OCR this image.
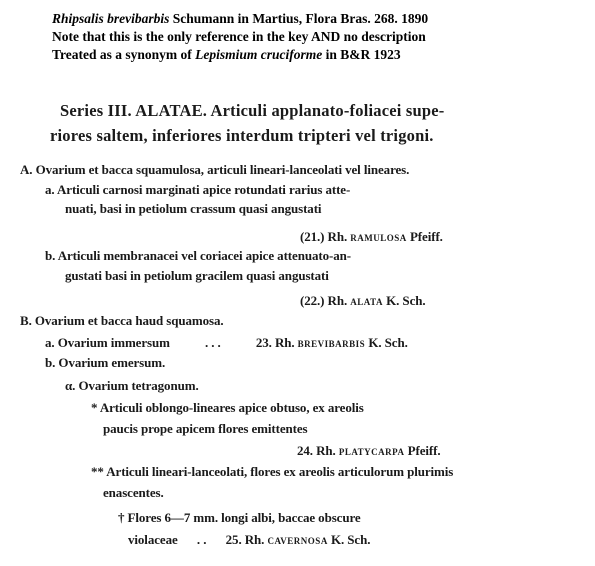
Rhipsalis brevibarbis Schumann in Martius, Flora Bras. 268. 1890
Note that this is the only reference in the key AND no description
Treated as a synonym of Lepismium cruciforme in B&R 1923
Series III. ALATAE. Articuli applanato-foliacei supe-
riores saltem, inferiores interdum tripteri vel trigoni.
A. Ovarium et bacca squamulosa, articuli lineari-lanceolati vel lineares.
a. Articuli carnosi marginati apice rotundati rarius atte-
nuati, basi in petiolum crassum quasi angustati
(21.) Rh. ramulosa Pfeiff.
b. Articuli membranacei vel coriacei apice attenuato-an-
gustati basi in petiolum gracilem quasi angustati
(22.) Rh. alata K. Sch.
B. Ovarium et bacca haud squamosa.
a. Ovarium immersum	. . .	23. Rh. brevibarbis K. Sch.
b. Ovarium emersum.
α. Ovarium tetragonum.
* Articuli oblongo-lineares apice obtuso, ex areolis
paucis prope apicem flores emittentes
24. Rh. platycarpa Pfeiff.
** Articuli lineari-lanceolati, flores ex areolis articulorum plurimis
enascentes.
† Flores 6—7 mm. longi albi, baccae obscure
violaceae . . 25. Rh. cavernosa K. Sch.
